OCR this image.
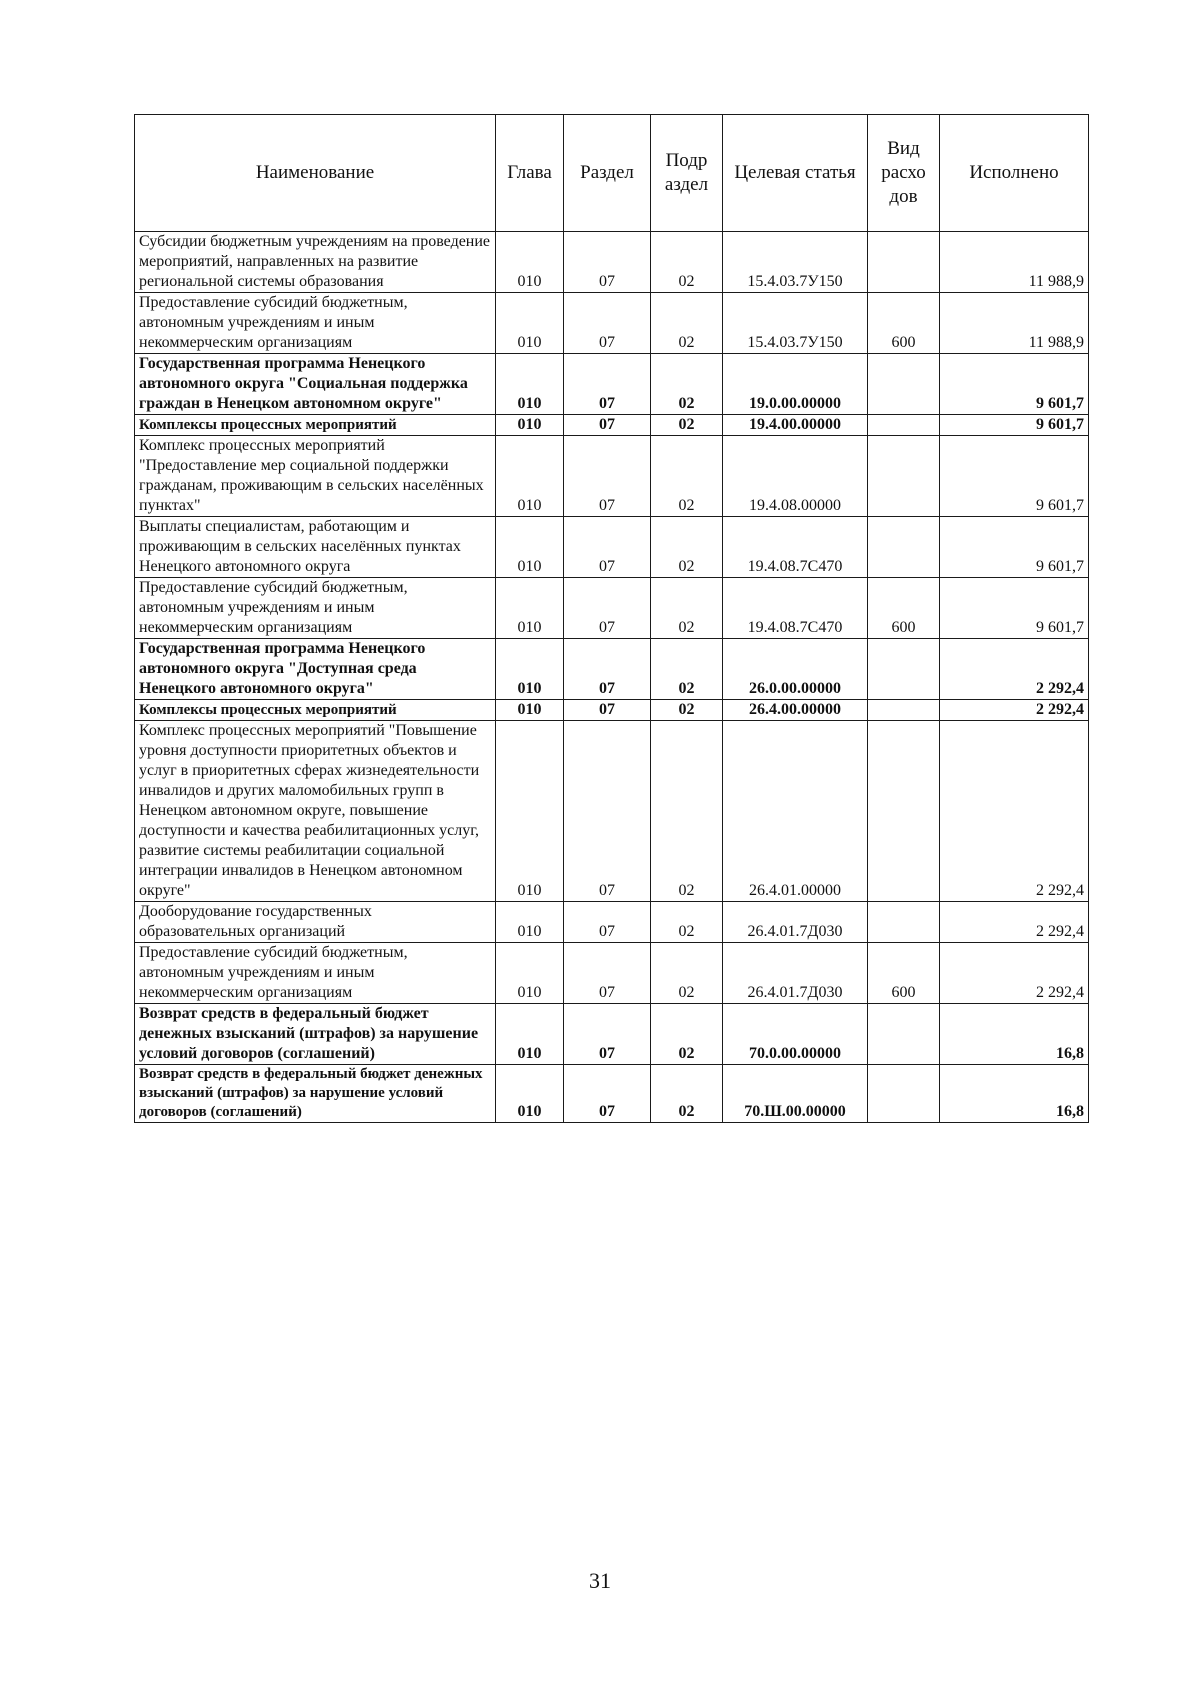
Наименование	Глава	Раздел	Подр аздел	Целевая статья	Вид расхо дов	Исполнено
Субсидии бюджетным учреждениям на проведение мероприятий, направленных на развитие региональной системы образования	010	07	02	15.4.03.7У150		11 988,9
Предоставление субсидий бюджетным, автономным учреждениям и иным некоммерческим организациям	010	07	02	15.4.03.7У150	600	11 988,9
Государственная программа Ненецкого автономного округа "Социальная поддержка граждан в Ненецком автономном округе"	010	07	02	19.0.00.00000		9 601,7
Комплексы процессных мероприятий	010	07	02	19.4.00.00000		9 601,7
Комплекс процессных мероприятий "Предоставление мер социальной поддержки гражданам, проживающим в сельских населённых пунктах"	010	07	02	19.4.08.00000		9 601,7
Выплаты специалистам, работающим и проживающим в сельских населённых пунктах Ненецкого автономного округа	010	07	02	19.4.08.7С470		9 601,7
Предоставление субсидий бюджетным, автономным учреждениям и иным некоммерческим организациям	010	07	02	19.4.08.7С470	600	9 601,7
Государственная программа Ненецкого автономного округа "Доступная среда Ненецкого автономного округа"	010	07	02	26.0.00.00000		2 292,4
Комплексы процессных мероприятий	010	07	02	26.4.00.00000		2 292,4
Комплекс процессных мероприятий "Повышение уровня доступности приоритетных объектов и услуг в приоритетных сферах жизнедеятельности инвалидов и других маломобильных групп в Ненецком автономном округе, повышение доступности и качества реабилитационных услуг, развитие системы реабилитации социальной интеграции инвалидов в Ненецком автономном округе"	010	07	02	26.4.01.00000		2 292,4
Дооборудование государственных образовательных организаций	010	07	02	26.4.01.7Д030		2 292,4
Предоставление субсидий бюджетным, автономным учреждениям и иным некоммерческим организациям	010	07	02	26.4.01.7Д030	600	2 292,4
Возврат средств в федеральный бюджет денежных взысканий (штрафов) за нарушение условий договоров (соглашений)	010	07	02	70.0.00.00000		16,8
Возврат средств в федеральный бюджет денежных взысканий (штрафов) за нарушение условий договоров (соглашений)	010	07	02	70.Ш.00.00000		16,8
31
